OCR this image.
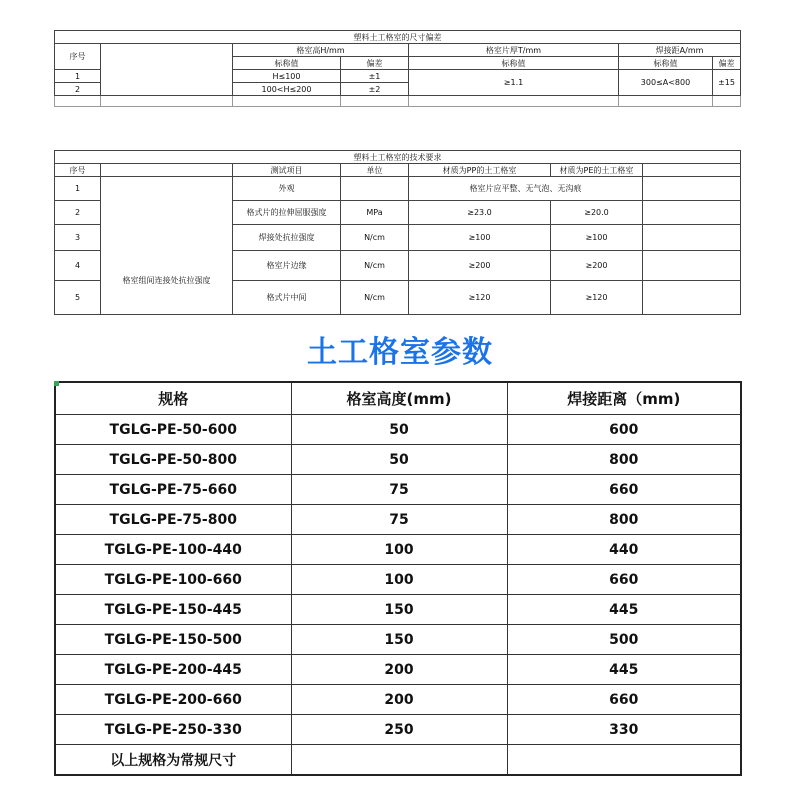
塑料土工格室的尺寸偏差						
序号		格室高H/mm		格室片厚T/mm	焊接距A/mm	
		标称值	偏差	标称值	标称值	偏差
1		H≤100	±1	≥1.1	300≤A<800	±15
2		100<H≤200	±2			

塑料土工格室的技术要求						
序号		测试项目	单位	材质为PP的土工格室	材质为PE的土工格室	
1	格室组间连接处抗拉强度	外观		格室片应平整、无气泡、无沟痕		
2		格式片的拉伸屈服强度	MPa	≥23.0	≥20.0	
3		焊接处抗拉强度	N/cm	≥100	≥100	
4		格室片边缘	N/cm	≥200	≥200	
5		格式片中间	N/cm	≥120	≥120	
土工格室参数
规格	格室高度(mm)	焊接距离（mm)
TGLG-PE-50-600	50	600
TGLG-PE-50-800	50	800
TGLG-PE-75-660	75	660
TGLG-PE-75-800	75	800
TGLG-PE-100-440	100	440
TGLG-PE-100-660	100	660
TGLG-PE-150-445	150	445
TGLG-PE-150-500	150	500
TGLG-PE-200-445	200	445
TGLG-PE-200-660	200	660
TGLG-PE-250-330	250	330
以上规格为常规尺寸		
